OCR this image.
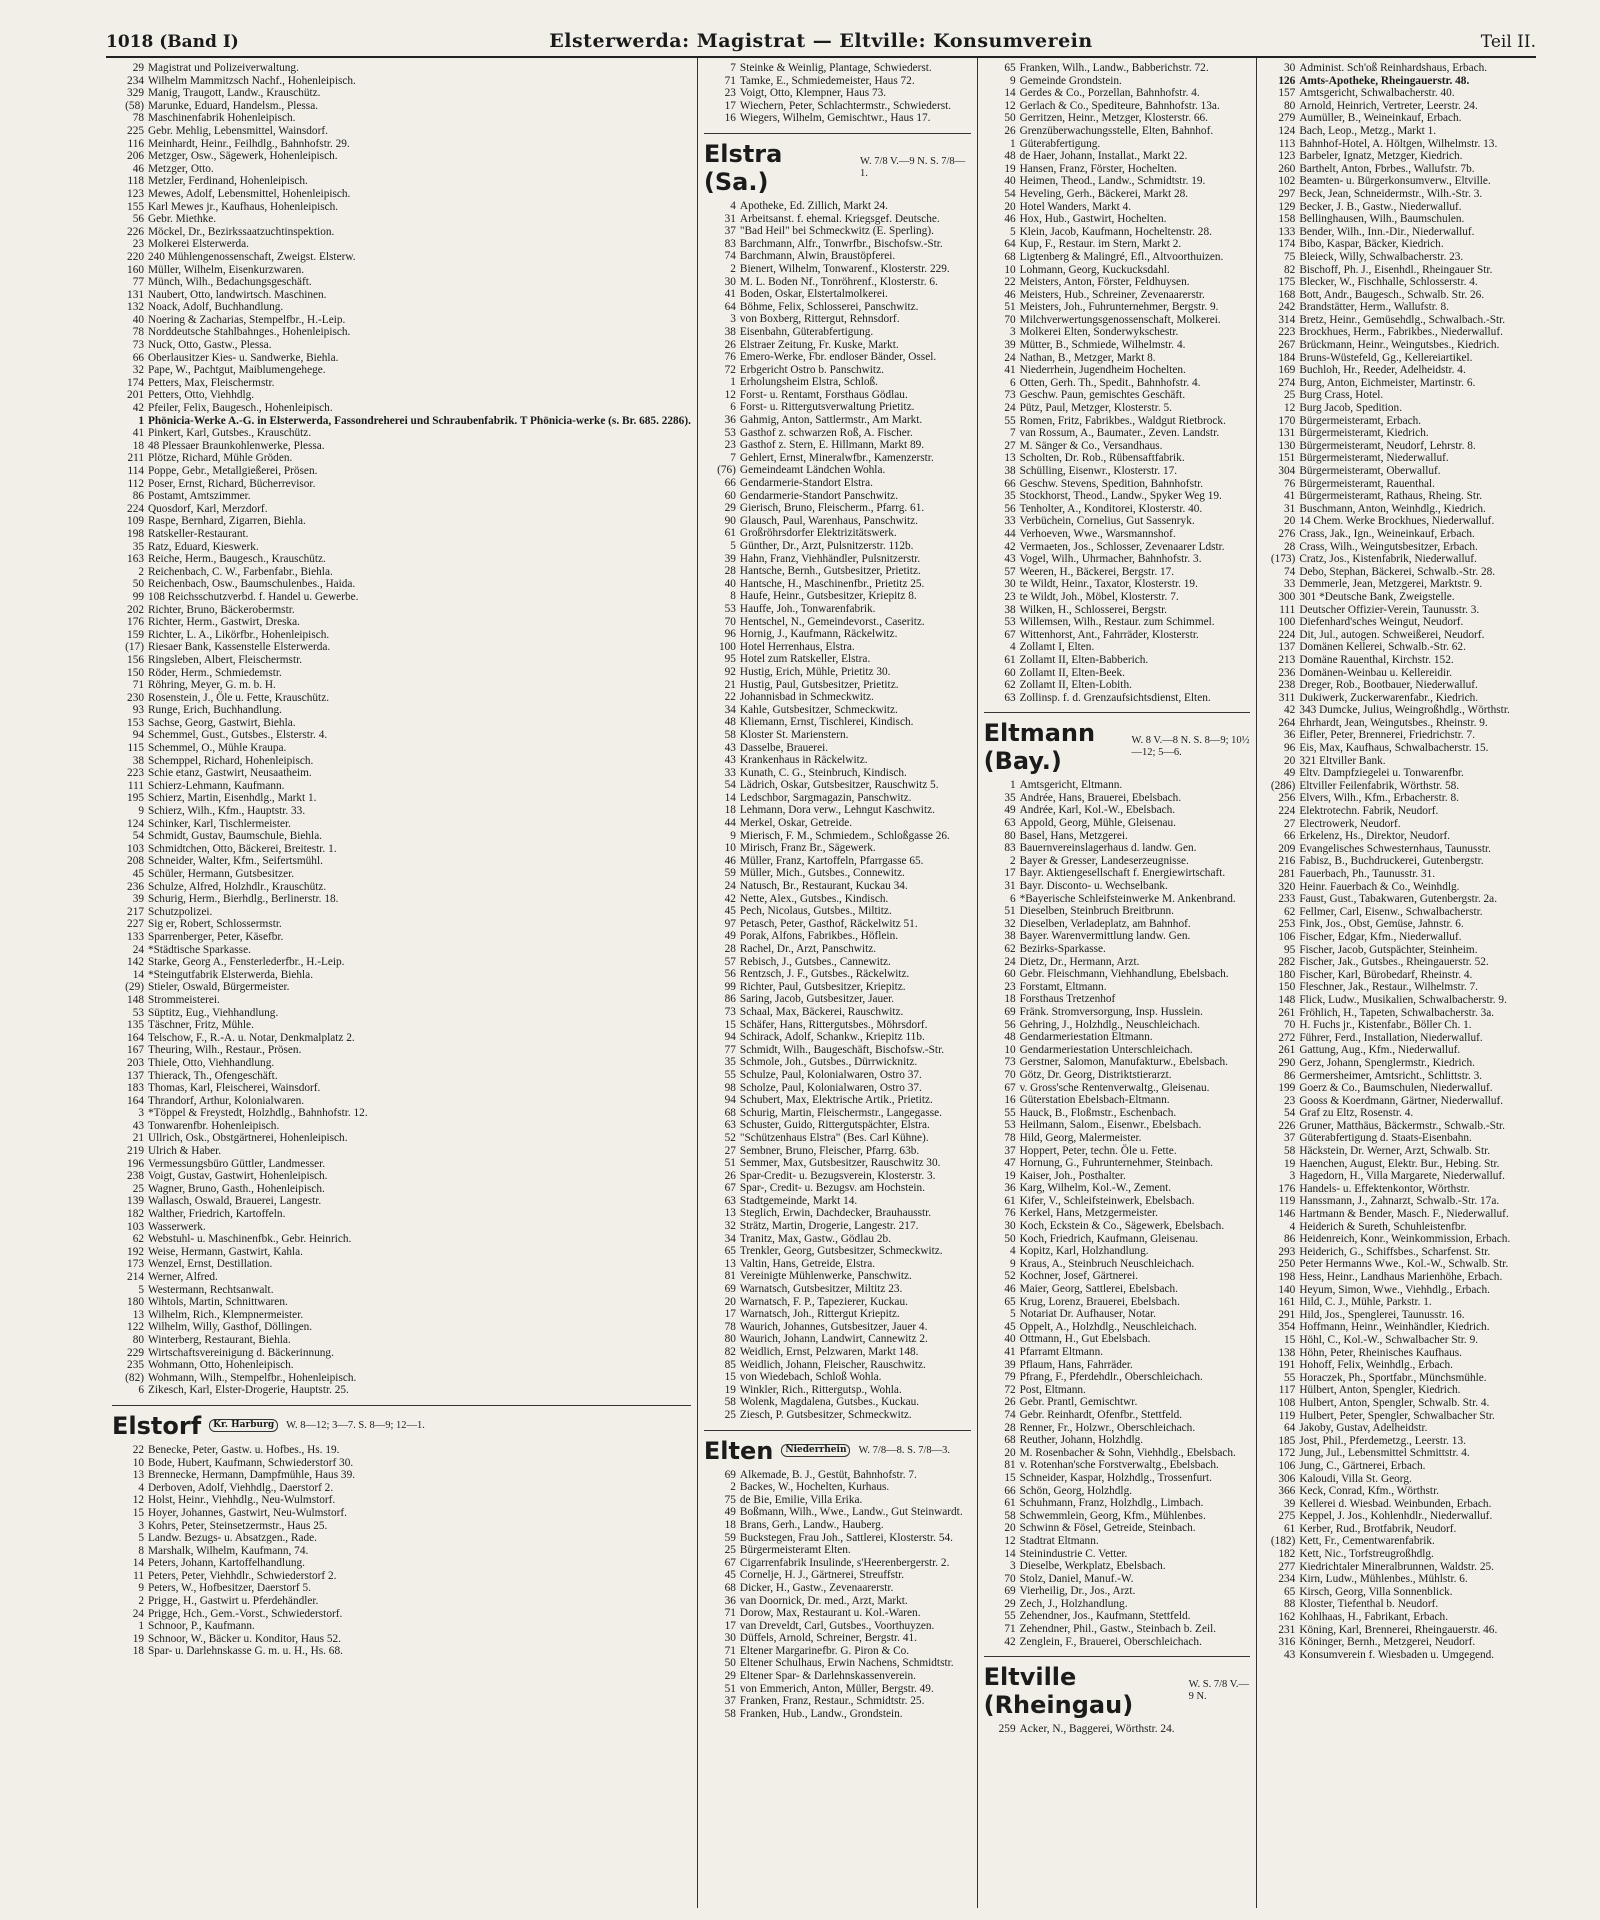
1018 (Band I)	Elsterwerda: Magistrat — Eltville: Konsumverein	Teil II.
29 Magistrat und Polizeiverwaltung.
234 Wilhelm Mammitzsch Nachf., Hohenleipisch.
329 Manig, Traugott, Landw., Krauschütz.
(58) Marunke, Eduard, Handelsm., Plessa.
78 Maschinenfabrik Hohenleipisch.
225 Gebr. Mehlig, Lebensmittel, Wainsdorf.
116 Meinhardt, Heinr., Feilhdlg., Bahnhofstr. 29.
206 Metzger, Osw., Sägewerk, Hohenleipisch.
46 Metzger, Otto.
118 Metzler, Ferdinand, Hohenleipisch.
123 Mewes, Adolf, Lebensmittel, Hohenleipisch.
155 Karl Mewes jr., Kaufhaus, Hohenleipisch.
56 Gebr. Miethke.
226 Möckel, Dr., Bezirkssaatzuchtinspektion.
23 Molkerei Elsterwerda.
220 240 Mühlengenossenschaft, Zweigst. Elsterw.
160 Müller, Wilhelm, Eisenkurzwaren.
77 Münch, Wilh., Bedachungsgeschäft.
131 Naubert, Otto, landwirtsch. Maschinen.
132 Noack, Adolf, Buchhandlung.
40 Noering & Zacharias, Stempelfbr., H.-Leip.
78 Norddeutsche Stahlbahnges., Hohenleipisch.
73 Nuck, Otto, Gastw., Plessa.
66 Oberlausitzer Kies- u. Sandwerke, Biehla.
32 Pape, W., Pachtgut, Maiblumengehege.
174 Petters, Max, Fleischermstr.
201 Petters, Otto, Viehhdlg.
42 Pfeiler, Felix, Baugesch., Hohenleipisch.
1 Phönicia-Werke A.-G. in Elsterwerda, Fassondreherei und Schraubenfabrik. T Phönicia-werke (s. Br. 685. 2286).
41 Pinkert, Karl, Gutsbes., Krauschütz.
18 48 Plessaer Braunkohlenwerke, Plessa.
211 Plötze, Richard, Mühle Gröden.
114 Poppe, Gebr., Metallgießerei, Prösen.
112 Poser, Ernst, Richard, Bücherrevisor.
86 Postamt, Amtszimmer.
224 Quosdorf, Karl, Merzdorf.
109 Raspe, Bernhard, Zigarren, Biehla.
198 Ratskeller-Restaurant.
35 Ratz, Eduard, Kieswerk.
163 Reiche, Herm., Baugesch., Krauschütz.
2 Reichenbach, C. W., Farbenfabr., Biehla.
50 Reichenbach, Osw., Baumschulenbes., Haida.
99 108 Reichsschutzverbd. f. Handel u. Gewerbe.
202 Richter, Bruno, Bäckerobermstr.
176 Richter, Herm., Gastwirt, Dreska.
159 Richter, L. A., Likörfbr., Hohenleipisch.
(17) Riesaer Bank, Kassenstelle Elsterwerda.
156 Ringsleben, Albert, Fleischermstr.
150 Röder, Herm., Schmiedemstr.
71 Röhring, Meyer, G. m. b. H.
230 Rosenstein, J., Öle u. Fette, Krauschütz.
93 Runge, Erich, Buchhandlung.
153 Sachse, Georg, Gastwirt, Biehla.
94 Schemmel, Gust., Gutsbes., Elsterstr. 4.
115 Schemmel, O., Mühle Kraupa.
38 Schemppel, Richard, Hohenleipisch.
223 Schie etanz, Gastwirt, Neusaatheim.
111 Schierz-Lehmann, Kaufmann.
195 Schierz, Martin, Eisenhdlg., Markt 1.
9 Schierz, Wilh., Kfm., Hauptstr. 33.
124 Schinker, Karl, Tischlermeister.
54 Schmidt, Gustav, Baumschule, Biehla.
103 Schmidtchen, Otto, Bäckerei, Breitestr. 1.
208 Schneider, Walter, Kfm., Seifertsmühl.
45 Schüler, Hermann, Gutsbesitzer.
236 Schulze, Alfred, Holzhdlr., Krauschütz.
39 Schurig, Herm., Bierhdlg., Berlinerstr. 18.
217 Schutzpolizei.
227 Sig er, Robert, Schlossermstr.
133 Sparrenberger, Peter, Käsefbr.
24 *Städtische Sparkasse.
142 Starke, Georg A., Fensterlederfbr., H.-Leip.
14 *Steingutfabrik Elsterwerda, Biehla.
(29) Stieler, Oswald, Bürgermeister.
148 Strommeisterei.
53 Süptitz, Eug., Viehhandlung.
135 Täschner, Fritz, Mühle.
164 Telschow, F., R.-A. u. Notar, Denkmalplatz 2.
167 Theuring, Wilh., Restaur., Prösen.
203 Thiele, Otto, Viehhandlung.
137 Thierack, Th., Ofengeschäft.
183 Thomas, Karl, Fleischerei, Wainsdorf.
164 Thrandorf, Arthur, Kolonialwaren.
3 *Töppel & Freystedt, Holzhdlg., Bahnhofstr. 12.
43 Tonwarenfbr. Hohenleipisch.
21 Ullrich, Osk., Obstgärtnerei, Hohenleipisch.
219 Ulrich & Haber.
196 Vermessungsbüro Güttler, Landmesser.
238 Voigt, Gustav, Gastwirt, Hohenleipisch.
25 Wagner, Bruno, Gasth., Hohenleipisch.
139 Wallasch, Oswald, Brauerei, Langestr.
182 Walther, Friedrich, Kartoffeln.
103 Wasserwerk.
62 Webstuhl- u. Maschinenfbk., Gebr. Heinrich.
192 Weise, Hermann, Gastwirt, Kahla.
173 Wenzel, Ernst, Destillation.
214 Werner, Alfred.
5 Westermann, Rechtsanwalt.
180 Wihtols, Martin, Schnittwaren.
13 Wilhelm, Rich., Klempnermeister.
122 Wilhelm, Willy, Gasthof, Döllingen.
80 Winterberg, Restaurant, Biehla.
229 Wirtschaftsvereinigung d. Bäckerinnung.
235 Wohmann, Otto, Hohenleipisch.
(82) Wohmann, Wilh., Stempelfbr., Hohenleipisch.
6 Zikesch, Karl, Elster-Drogerie, Hauptstr. 25.
Elstorf	Kr. Harburg	W. 8—12; 3—7. S. 8—9; 12—1.
22 Benecke, Peter, Gastw. u. Hofbes., Hs. 19.
10 Bode, Hubert, Kaufmann, Schwiederstorf 30.
13 Brennecke, Hermann, Dampfmühle, Haus 39.
4 Derboven, Adolf, Viehhdlg., Daerstorf 2.
12 Holst, Heinr., Viehhdlg., Neu-Wulmstorf.
15 Hoyer, Johannes, Gastwirt, Neu-Wulmstorf.
3 Kohrs, Peter, Steinsetzermstr., Haus 25.
5 Landw. Bezugs- u. Absatzgen., Rade.
8 Marshalk, Wilhelm, Kaufmann, 74.
14 Peters, Johann, Kartoffelhandlung.
11 Peters, Peter, Viehhdlr., Schwiederstorf 2.
9 Peters, W., Hofbesitzer, Daerstorf 5.
2 Prigge, H., Gastwirt u. Pferdehändler.
24 Prigge, Hch., Gem.-Vorst., Schwiederstorf.
1 Schnoor, P., Kaufmann.
19 Schnoor, W., Bäcker u. Konditor, Haus 52.
18 Spar- u. Darlehnskasse G. m. u. H., Hs. 68.
7 Steinke & Weinlig, Plantage, Schwiederst.
71 Tamke, E., Schmiedemeister, Haus 72.
23 Voigt, Otto, Klempner, Haus 73.
17 Wiechern, Peter, Schlachtermstr., Schwiederst.
16 Wiegers, Wilhelm, Gemischtwr., Haus 17.
Elstra (Sa.)
W. 7/8 V.—9 N. S. 7/8—1.
4 Apotheke, Ed. Zillich, Markt 24.
31 Arbeitsanst. f. ehemal. Kriegsgef. Deutsche.
37 "Bad Heil" bei Schmeckwitz (E. Sperling).
83 Barchmann, Alfr., Tonwrfbr., Bischofsw.-Str.
74 Barchmann, Alwin, Braustöpferei.
2 Bienert, Wilhelm, Tonwarenf., Klosterstr. 229.
30 M. L. Boden Nf., Tonröhrenf., Klosterstr. 6.
41 Boden, Oskar, Elstertalmolkerei.
64 Böhme, Felix, Schlosserei, Panschwitz.
3 von Boxberg, Rittergut, Rehnsdorf.
38 Eisenbahn, Güterabfertigung.
26 Elstraer Zeitung, Fr. Kuske, Markt.
76 Emero-Werke, Fbr. endloser Bänder, Ossel.
72 Erbgericht Ostro b. Panschwitz.
1 Erholungsheim Elstra, Schloß.
12 Forst- u. Rentamt, Forsthaus Gödlau.
6 Forst- u. Rittergutsverwaltung Prietitz.
36 Gahmig, Anton, Sattlermstr., Am Markt.
53 Gasthof z. schwarzen Roß, A. Fischer.
23 Gasthof z. Stern, E. Hillmann, Markt 89.
7 Gehlert, Ernst, Mineralwfbr., Kamenzerstr.
(76) Gemeindeamt Ländchen Wohla.
66 Gendarmerie-Standort Elstra.
60 Gendarmerie-Standort Panschwitz.
29 Gierisch, Bruno, Fleischerm., Pfarrg. 61.
90 Glausch, Paul, Warenhaus, Panschwitz.
61 Großröhrsdorfer Elektrizitätswerk.
5 Günther, Dr., Arzt, Pulsnitzerstr. 112b.
39 Hahn, Franz, Viehhändler, Pulsnitzerstr.
28 Hantsche, Bernh., Gutsbesitzer, Prietitz.
40 Hantsche, H., Maschinenfbr., Prietitz 25.
8 Haufe, Heinr., Gutsbesitzer, Kriepitz 8.
53 Hauffe, Joh., Tonwarenfabrik.
70 Hentschel, N., Gemeindevorst., Caseritz.
96 Hornig, J., Kaufmann, Räckelwitz.
100 Hotel Herrenhaus, Elstra.
95 Hotel zum Ratskeller, Elstra.
92 Hustig, Erich, Mühle, Prietitz 30.
21 Hustig, Paul, Gutsbesitzer, Prietitz.
22 Johannisbad in Schmeckwitz.
34 Kahle, Gutsbesitzer, Schmeckwitz.
48 Kliemann, Ernst, Tischlerei, Kindisch.
58 Kloster St. Marienstern.
43 Dasselbe, Brauerei.
43 Krankenhaus in Räckelwitz.
33 Kunath, C. G., Steinbruch, Kindisch.
54 Lädrich, Oskar, Gutsbesitzer, Rauschwitz 5.
14 Ledschbor, Sargmagazin, Panschwitz.
18 Lehmann, Dora verw., Lehngut Kaschwitz.
44 Merkel, Oskar, Getreide.
9 Mierisch, F. M., Schmiedem., Schloßgasse 26.
10 Mirisch, Franz Br., Sägewerk.
46 Müller, Franz, Kartoffeln, Pfarrgasse 65.
59 Müller, Mich., Gutsbes., Connewitz.
24 Natusch, Br., Restaurant, Kuckau 34.
42 Nette, Alex., Gutsbes., Kindisch.
45 Pech, Nicolaus, Gutsbes., Miltitz.
97 Petasch, Peter, Gasthof, Räckelwitz 51.
49 Porak, Alfons, Fabrikbes., Höflein.
28 Rachel, Dr., Arzt, Panschwitz.
57 Rebisch, J., Gutsbes., Cannewitz.
56 Rentzsch, J. F., Gutsbes., Räckelwitz.
99 Richter, Paul, Gutsbesitzer, Kriepitz.
86 Saring, Jacob, Gutsbesitzer, Jauer.
73 Schaal, Max, Bäckerei, Rauschwitz.
15 Schäfer, Hans, Rittergutsbes., Möhrsdorf.
94 Schirack, Adolf, Schankw., Kriepitz 11b.
77 Schmidt, Wilh., Baugeschäft, Bischofsw.-Str.
35 Schmole, Joh., Gutsbes., Dürrwicknitz.
55 Schulze, Paul, Kolonialwaren, Ostro 37.
98 Scholze, Paul, Kolonialwaren, Ostro 37.
94 Schubert, Max, Elektrische Artik., Prietitz.
68 Schurig, Martin, Fleischermstr., Langegasse.
63 Schuster, Guido, Rittergutspächter, Elstra.
52 "Schützenhaus Elstra" (Bes. Carl Kühne).
27 Sembner, Bruno, Fleischer, Pfarrg. 63b.
51 Semmer, Max, Gutsbesitzer, Rauschwitz 30.
26 Spar-Credit- u. Bezugsverein, Klosterstr. 3.
67 Spar-, Credit- u. Bezugsv. am Hochstein.
63 Stadtgemeinde, Markt 14.
13 Steglich, Erwin, Dachdecker, Brauhausstr.
32 Strätz, Martin, Drogerie, Langestr. 217.
34 Tranitz, Max, Gastw., Gödlau 2b.
65 Trenkler, Georg, Gutsbesitzer, Schmeckwitz.
13 Valtin, Hans, Getreide, Elstra.
81 Vereinigte Mühlenwerke, Panschwitz.
69 Warnatsch, Gutsbesitzer, Miltitz 23.
20 Warnatsch, F. P., Tapezierer, Kuckau.
17 Warnatsch, Joh., Rittergut Kriepitz.
78 Waurich, Johannes, Gutsbesitzer, Jauer 4.
80 Waurich, Johann, Landwirt, Cannewitz 2.
82 Weidlich, Ernst, Pelzwaren, Markt 148.
85 Weidlich, Johann, Fleischer, Rauschwitz.
15 von Wiedebach, Schloß Wohla.
19 Winkler, Rich., Rittergutsp., Wohla.
58 Wolenk, Magdalena, Gutsbes., Kuckau.
25 Ziesch, P. Gutsbesitzer, Schmeckwitz.
Elten	Niederrhein	W. 7/8—8. S. 7/8—3.
69 Alkemade, B. J., Gestüt, Bahnhofstr. 7.
2 Backes, W., Hochelten, Kurhaus.
75 de Bie, Emilie, Villa Erika.
49 Boßmann, Wilh., Wwe., Landw., Gut Steinwardt.
18 Brans, Gerh., Landw., Hauberg.
59 Buckstegen, Frau Joh., Sattlerei, Klosterstr. 54.
25 Bürgermeisteramt Elten.
67 Cigarrenfabrik Insulinde, s'Heerenbergerstr. 2.
45 Cornelje, H. J., Gärtnerei, Streuffstr.
68 Dicker, H., Gastw., Zevenaarerstr.
36 van Doornick, Dr. med., Arzt, Markt.
71 Dorow, Max, Restaurant u. Kol.-Waren.
17 van Dreveldt, Carl, Gutsbes., Voorthuyzen.
30 Düffels, Arnold, Schreiner, Bergstr. 41.
71 Eltener Margarinefbr. G. Piron & Co.
50 Eltener Schulhaus, Erwin Nachens, Schmidtstr.
29 Eltener Spar- & Darlehnskassenverein.
51 von Emmerich, Anton, Müller, Bergstr. 49.
37 Franken, Franz, Restaur., Schmidtstr. 25.
58 Franken, Hub., Landw., Grondstein.
65 Franken, Wilh., Landw., Babberichstr. 72.
9 Gemeinde Grondstein.
14 Gerdes & Co., Porzellan, Bahnhofstr. 4.
12 Gerlach & Co., Spediteure, Bahnhofstr. 13a.
50 Gerritzen, Heinr., Metzger, Klosterstr. 66.
26 Grenzüberwachungsstelle, Elten, Bahnhof.
1 Güterabfertigung.
48 de Haer, Johann, Installat., Markt 22.
19 Hansen, Franz, Förster, Hochelten.
40 Heimen, Theod., Landw., Schmidtstr. 19.
54 Heveling, Gerh., Bäckerei, Markt 28.
20 Hotel Wanders, Markt 4.
46 Hox, Hub., Gastwirt, Hochelten.
5 Klein, Jacob, Kaufmann, Hocheltenstr. 28.
64 Kup, F., Restaur. im Stern, Markt 2.
68 Ligtenberg & Malingré, Efl., Altvoorthuizen.
10 Lohmann, Georg, Kuckucksdahl.
22 Meisters, Anton, Förster, Feldhuysen.
46 Meisters, Hub., Schreiner, Zevenaarerstr.
51 Meisters, Joh., Fuhrunternehmer, Bergstr. 9.
70 Milchverwertungsgenossenschaft, Molkerei.
3 Molkerei Elten, Sonderwykschestr.
39 Mütter, B., Schmiede, Wilhelmstr. 4.
24 Nathan, B., Metzger, Markt 8.
41 Niederrhein, Jugendheim Hochelten.
6 Otten, Gerh. Th., Spedit., Bahnhofstr. 4.
73 Geschw. Paun, gemischtes Geschäft.
24 Pütz, Paul, Metzger, Klosterstr. 5.
55 Romen, Fritz, Fabrikbes., Waldgut Rietbrock.
7 van Rossum, A., Baumater., Zeven. Landstr.
27 M. Sänger & Co., Versandhaus.
13 Scholten, Dr. Rob., Rübensaftfabrik.
38 Schülling, Eisenwr., Klosterstr. 17.
66 Geschw. Stevens, Spedition, Bahnhofstr.
35 Stockhorst, Theod., Landw., Spyker Weg 19.
56 Tenholter, A., Konditorei, Klosterstr. 40.
33 Verbüchein, Cornelius, Gut Sassenryk.
44 Verhoeven, Wwe., Warsmannshof.
42 Vermaeten, Jos., Schlosser, Zevenaarer Ldstr.
43 Vogel, Wilh., Uhrmacher, Bahnhofstr. 3.
57 Weeren, H., Bäckerei, Bergstr. 17.
30 te Wildt, Heinr., Taxator, Klosterstr. 19.
23 te Wildt, Joh., Möbel, Klosterstr. 7.
38 Wilken, H., Schlosserei, Bergstr.
53 Willemsen, Wilh., Restaur. zum Schimmel.
67 Wittenhorst, Ant., Fahrräder, Klosterstr.
4 Zollamt I, Elten.
61 Zollamt II, Elten-Babberich.
60 Zollamt II, Elten-Beek.
62 Zollamt II, Elten-Lobith.
63 Zollinsp. f. d. Grenzaufsichtsdienst, Elten.
Eltmann (Bay.)
W. 8 V.—8 N. S. 8—9; 10½—12; 5—6.
1 Amtsgericht, Eltmann.
35 Andrée, Hans, Brauerei, Ebelsbach.
49 Andrée, Karl, Kol.-W., Ebelsbach.
63 Appold, Georg, Mühle, Gleisenau.
80 Basel, Hans, Metzgerei.
83 Bauernvereinslagerhaus d. landw. Gen.
2 Bayer & Gresser, Landeserzeugnisse.
17 Bayr. Aktiengesellschaft f. Energiewirtschaft.
31 Bayr. Disconto- u. Wechselbank.
6 *Bayerische Schleifsteinwerke M. Ankenbrand.
51 Dieselben, Steinbruch Breitbrunn.
32 Dieselben, Verladeplatz, am Bahnhof.
38 Bayer. Warenvermittlung landw. Gen.
62 Bezirks-Sparkasse.
24 Dietz, Dr., Hermann, Arzt.
60 Gebr. Fleischmann, Viehhandlung, Ebelsbach.
23 Forstamt, Eltmann.
18 Forsthaus Tretzenhof
69 Fränk. Stromversorgung, Insp. Husslein.
56 Gehring, J., Holzhdlg., Neuschleichach.
48 Gendarmeriestation Eltmann.
10 Gendarmeriestation Unterschleichach.
73 Gerstner, Salomon, Manufakturw., Ebelsbach.
70 Götz, Dr. Georg, Distriktstierarzt.
67 v. Gross'sche Rentenverwaltg., Gleisenau.
16 Güterstation Ebelsbach-Eltmann.
55 Hauck, B., Floßmstr., Eschenbach.
53 Heilmann, Salom., Eisenwr., Ebelsbach.
78 Hild, Georg, Malermeister.
37 Hoppert, Peter, techn. Öle u. Fette.
47 Hornung, G., Fuhrunternehmer, Steinbach.
19 Kaiser, Joh., Posthalter.
36 Karg, Wilhelm, Kol.-W., Zement.
61 Kifer, V., Schleifsteinwerk, Ebelsbach.
76 Kerkel, Hans, Metzgermeister.
30 Koch, Eckstein & Co., Sägewerk, Ebelsbach.
50 Koch, Friedrich, Kaufmann, Gleisenau.
4 Kopitz, Karl, Holzhandlung.
9 Kraus, A., Steinbruch Neuschleichach.
52 Kochner, Josef, Gärtnerei.
46 Maier, Georg, Sattlerei, Ebelsbach.
65 Krug, Lorenz, Brauerei, Ebelsbach.
5 Notariat Dr. Aufhauser, Notar.
45 Oppelt, A., Holzhdlg., Neuschleichach.
40 Ottmann, H., Gut Ebelsbach.
41 Pfarramt Eltmann.
39 Pflaum, Hans, Fahrräder.
79 Pfrang, F., Pferdehdlr., Oberschleichach.
72 Post, Eltmann.
26 Gebr. Prantl, Gemischtwr.
74 Gebr. Reinhardt, Ofenfbr., Stettfeld.
28 Renner, Fr., Holzwr., Oberschleichach.
68 Reuther, Johann, Holzhdlg.
20 M. Rosenbacher & Sohn, Viehhdlg., Ebelsbach.
81 v. Rotenhan'sche Forstverwaltg., Ebelsbach.
15 Schneider, Kaspar, Holzhdlg., Trossenfurt.
66 Schön, Georg, Holzhdlg.
61 Schuhmann, Franz, Holzhdlg., Limbach.
58 Schwemmlein, Georg, Kfm., Mühlenbes.
20 Schwinn & Fösel, Getreide, Steinbach.
12 Stadtrat Eltmann.
14 Steinindustrie C. Vetter.
3 Dieselbe, Werkplatz, Ebelsbach.
70 Stolz, Daniel, Manuf.-W.
69 Vierheilig, Dr., Jos., Arzt.
29 Zech, J., Holzhandlung.
55 Zehendner, Jos., Kaufmann, Stettfeld.
71 Zehendner, Phil., Gastw., Steinbach b. Zeil.
42 Zenglein, F., Brauerei, Oberschleichach.
Eltville (Rheingau)
W. S. 7/8 V.—9 N.
259 Acker, N., Baggerei, Wörthstr. 24.
30 Administ. Sch'oß Reinhardshaus, Erbach.
126 Amts-Apotheke, Rheingauerstr. 48.
157 Amtsgericht, Schwalbacherstr. 40.
80 Arnold, Heinrich, Vertreter, Leerstr. 24.
279 Aumüller, B., Weineinkauf, Erbach.
124 Bach, Leop., Metzg., Markt 1.
113 Bahnhof-Hotel, A. Höltgen, Wilhelmstr. 13.
123 Barbeler, Ignatz, Metzger, Kiedrich.
260 Barthelt, Anton, Fbrbes., Wallufstr. 7b.
102 Beamten- u. Bürgerkonsumverw., Eltville.
297 Beck, Jean, Schneidermstr., Wilh.-Str. 3.
129 Becker, J. B., Gastw., Niederwalluf.
158 Bellinghausen, Wilh., Baumschulen.
133 Bender, Wilh., Inn.-Dir., Niederwalluf.
174 Bibo, Kaspar, Bäcker, Kiedrich.
75 Bleieck, Willy, Schwalbacherstr. 23.
82 Bischoff, Ph. J., Eisenhdl., Rheingauer Str.
175 Blecker, W., Fischhalle, Schlosserstr. 4.
168 Bott, Andr., Baugesch., Schwalb. Str. 26.
242 Brandstätter, Herm., Wallufstr. 8.
314 Bretz, Heinr., Gemüsehdlg., Schwalbach.-Str.
223 Brockhues, Herm., Fabrikbes., Niederwalluf.
267 Brückmann, Heinr., Weingutsbes., Kiedrich.
184 Bruns-Wüstefeld, Gg., Kellereiartikel.
169 Buchloh, Hr., Reeder, Adelheidstr. 4.
274 Burg, Anton, Eichmeister, Martinstr. 6.
25 Burg Crass, Hotel.
12 Burg Jacob, Spedition.
170 Bürgermeisteramt, Erbach.
131 Bürgermeisteramt, Kiedrich.
130 Bürgermeisteramt, Neudorf, Lehrstr. 8.
151 Bürgermeisteramt, Niederwalluf.
304 Bürgermeisteramt, Oberwalluf.
76 Bürgermeisteramt, Rauenthal.
41 Bürgermeisteramt, Rathaus, Rheing. Str.
31 Buschmann, Anton, Weinhdlg., Kiedrich.
20 14 Chem. Werke Brockhues, Niederwalluf.
276 Crass, Jak., Ign., Weineinkauf, Erbach.
28 Crass, Wilh., Weingutsbesitzer, Erbach.
(173) Cratz, Jos., Kistenfabrik, Niederwalluf.
74 Debo, Stephan, Bäckerei, Schwalb.-Str. 28.
33 Demmerle, Jean, Metzgerei, Marktstr. 9.
300 301 *Deutsche Bank, Zweigstelle.
111 Deutscher Offizier-Verein, Taunusstr. 3.
100 Diefenhard'sches Weingut, Neudorf.
224 Dit, Jul., autogen. Schweißerei, Neudorf.
137 Domänen Kellerei, Schwalb.-Str. 62.
213 Domäne Rauenthal, Kirchstr. 152.
236 Domänen-Weinbau u. Kellereidir.
238 Dreger, Rob., Bootbauer, Niederwalluf.
311 Dukiwerk, Zuckerwarenfabr., Kiedrich.
42 343 Dumcke, Julius, Weingroßhdlg., Wörthstr.
264 Ehrhardt, Jean, Weingutsbes., Rheinstr. 9.
36 Eifler, Peter, Brennerei, Friedrichstr. 7.
96 Eis, Max, Kaufhaus, Schwalbacherstr. 15.
20 321 Eltviller Bank.
49 Eltv. Dampfziegelei u. Tonwarenfbr.
(286) Eltviller Feilenfabrik, Wörthstr. 58.
256 Elvers, Wilh., Kfm., Erbacherstr. 8.
224 Elektrotechn. Fabrik, Neudorf.
27 Electrowerk, Neudorf.
66 Erkelenz, Hs., Direktor, Neudorf.
209 Evangelisches Schwesternhaus, Taunusstr.
216 Fabisz, B., Buchdruckerei, Gutenbergstr.
281 Fauerbach, Ph., Taunusstr. 31.
320 Heinr. Fauerbach & Co., Weinhdlg.
233 Faust, Gust., Tabakwaren, Gutenbergstr. 2a.
62 Fellmer, Carl, Eisenw., Schwalbacherstr.
253 Fink, Jos., Obst, Gemüse, Jahnstr. 6.
106 Fischer, Edgar, Kfm., Niederwalluf.
95 Fischer, Jacob, Gutspächter, Steinheim.
282 Fischer, Jak., Gutsbes., Rheingauerstr. 52.
180 Fischer, Karl, Bürobedarf, Rheinstr. 4.
150 Fleschner, Jak., Restaur., Wilhelmstr. 7.
148 Flick, Ludw., Musikalien, Schwalbacherstr. 9.
261 Fröhlich, H., Tapeten, Schwalbacherstr. 3a.
70 H. Fuchs jr., Kistenfabr., Böller Ch. 1.
272 Führer, Ferd., Installation, Niederwalluf.
261 Gattung, Aug., Kfm., Niederwalluf.
290 Gerz, Johann, Spenglermstr., Kiedrich.
86 Germersheimer, Amtsricht., Schlittstr. 3.
199 Goerz & Co., Baumschulen, Niederwalluf.
23 Gooss & Koerdmann, Gärtner, Niederwalluf.
54 Graf zu Eltz, Rosenstr. 4.
226 Gruner, Matthäus, Bäckermstr., Schwalb.-Str.
37 Güterabfertigung d. Staats-Eisenbahn.
58 Häckstein, Dr. Werner, Arzt, Schwalb. Str.
19 Haenchen, August, Elektr. Bur., Hebing. Str.
3 Hagedorn, H., Villa Margarete, Niederwalluf.
176 Handels- u. Effektenkontor, Wörthstr.
119 Hanssmann, J., Zahnarzt, Schwalb.-Str. 17a.
146 Hartmann & Bender, Masch. F., Niederwalluf.
4 Heiderich & Sureth, Schuhleistenfbr.
86 Heidenreich, Konr., Weinkommission, Erbach.
293 Heiderich, G., Schiffsbes., Scharfenst. Str.
250 Peter Hermanns Wwe., Kol.-W., Schwalb. Str.
198 Hess, Heinr., Landhaus Marienhöhe, Erbach.
140 Heyum, Simon, Wwe., Viehhdlg., Erbach.
161 Hild, C. J., Mühle, Parkstr. 1.
291 Hild, Jos., Spenglerei, Taunusstr. 16.
354 Hoffmann, Heinr., Weinhändler, Kiedrich.
15 Höhl, C., Kol.-W., Schwalbacher Str. 9.
138 Höhn, Peter, Rheinisches Kaufhaus.
191 Hohoff, Felix, Weinhdlg., Erbach.
55 Horaczek, Ph., Sportfabr., Münchsmühle.
117 Hülbert, Anton, Spengler, Kiedrich.
108 Hulbert, Anton, Spengler, Schwalb. Str. 4.
119 Hulbert, Peter, Spengler, Schwalbacher Str.
64 Jakoby, Gustav, Adelheidstr.
185 Jost, Phil., Pferdemetzg., Leerstr. 13.
172 Jung, Jul., Lebensmittel Schmittstr. 4.
106 Jung, C., Gärtnerei, Erbach.
306 Kaloudi, Villa St. Georg.
366 Keck, Conrad, Kfm., Wörthstr.
39 Kellerei d. Wiesbad. Weinbunden, Erbach.
275 Keppel, J. Jos., Kohlenhdlr., Niederwalluf.
61 Kerber, Rud., Brotfabrik, Neudorf.
(182) Kett, Fr., Cementwarenfabrik.
182 Kett, Nic., Torfstreugroßhdlg.
277 Kiedrichtaler Mineralbrunnen, Waldstr. 25.
234 Kirn, Ludw., Mühlenbes., Mühlstr. 6.
65 Kirsch, Georg, Villa Sonnenblick.
88 Kloster, Tiefenthal b. Neudorf.
162 Kohlhaas, H., Fabrikant, Erbach.
231 Köning, Karl, Brennerei, Rheingauerstr. 46.
316 Köninger, Bernh., Metzgerei, Neudorf.
43 Konsumverein f. Wiesbaden u. Umgegend.
